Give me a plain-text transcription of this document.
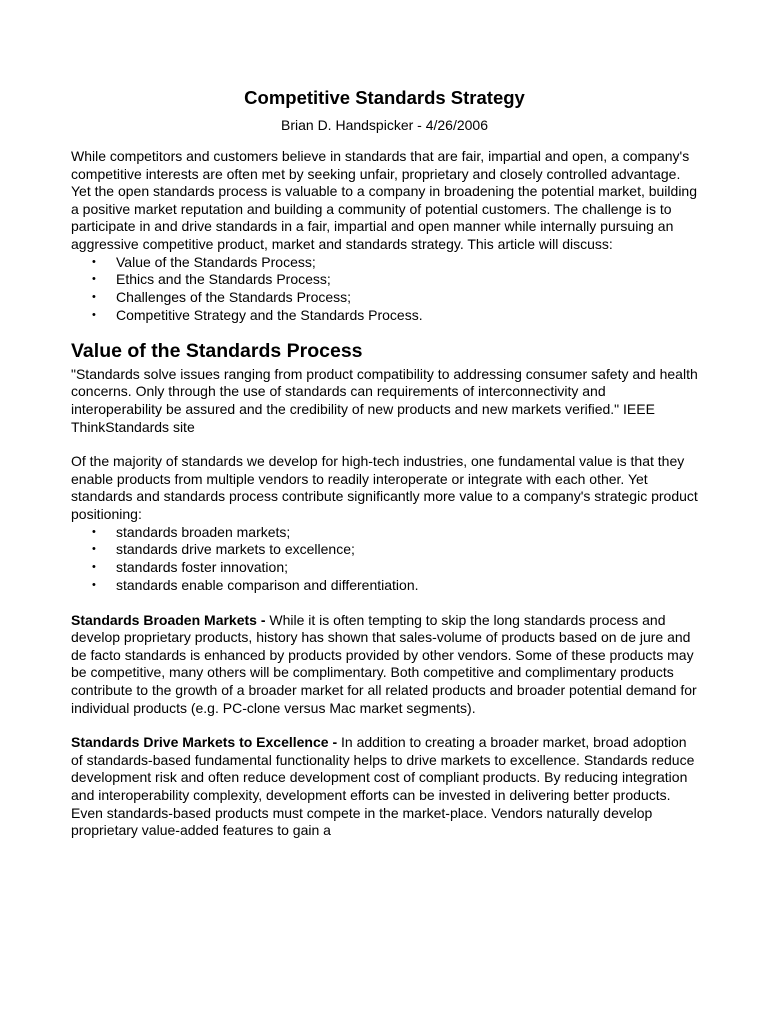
Competitive Standards Strategy
Brian D. Handspicker - 4/26/2006

While competitors and customers believe in standards that are fair, impartial and open, a company's competitive interests are often met by seeking unfair, proprietary and closely controlled advantage. Yet the open standards process is valuable to a company in broadening the potential market, building a positive market reputation and building a community of potential customers. The challenge is to participate in and drive standards in a fair, impartial and open manner while internally pursuing an aggressive competitive product, market and standards strategy. This article will discuss:

• Value of the Standards Process;
• Ethics and the Standards Process;
• Challenges of the Standards Process;
• Competitive Strategy and the Standards Process.
Value of the Standards Process

"Standards solve issues ranging from product compatibility to addressing consumer safety and health concerns. Only through the use of standards can requirements of interconnectivity and interoperability be assured and the credibility of new products and new markets verified." IEEE ThinkStandards site

Of the majority of standards we develop for high-tech industries, one fundamental value is that they enable products from multiple vendors to readily interoperate or integrate with each other. Yet standards and standards process contribute significantly more value to a company's strategic product positioning:

• standards broaden markets;
• standards drive markets to excellence;
• standards foster innovation;
• standards enable comparison and differentiation.

Standards Broaden Markets - While it is often tempting to skip the long standards process and develop proprietary products, history has shown that sales-volume of products based on de jure and de facto standards is enhanced by products provided by other vendors. Some of these products may be competitive, many others will be complimentary. Both competitive and complimentary products contribute to the growth of a broader market for all related products and broader potential demand for individual products (e.g. PC-clone versus Mac market segments).

Standards Drive Markets to Excellence - In addition to creating a broader market, broad adoption of standards-based fundamental functionality helps to drive markets to excellence. Standards reduce development risk and often reduce development cost of compliant products. By reducing integration and interoperability complexity, development efforts can be invested in delivering better products. Even standards-based products must compete in the market-place. Vendors naturally develop proprietary value-added features to gain a
